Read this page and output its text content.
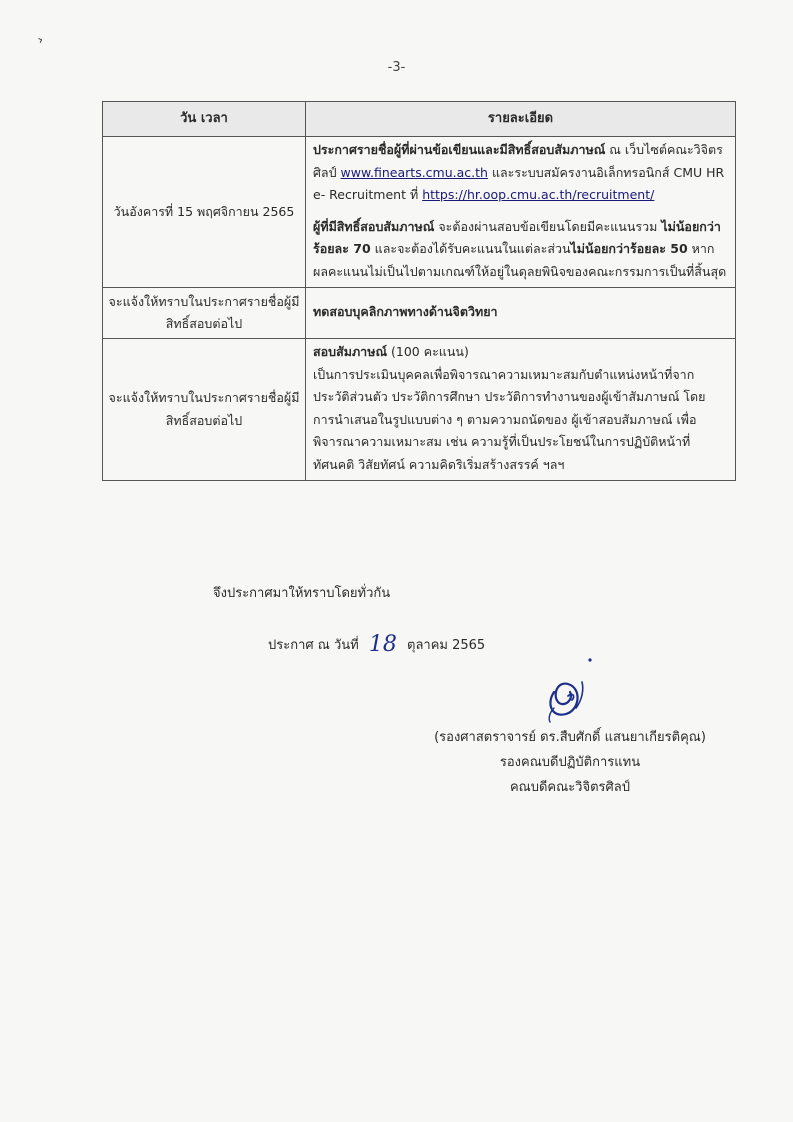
›
-3-
วัน เวลา	รายละเอียด
วันอังคารที่ 15 พฤศจิกายน 2565	ประกาศรายชื่อผู้ที่ผ่านข้อเขียนและมีสิทธิ์สอบสัมภาษณ์ ณ เว็บไซต์คณะวิจิตรศิลป์ www.finearts.cmu.ac.th และระบบสมัครงานอิเล็กทรอนิกส์ CMU HR e- Recruitment ที่ https://hr.oop.cmu.ac.th/recruitment/

ผู้ที่มีสิทธิ์สอบสัมภาษณ์ จะต้องผ่านสอบข้อเขียนโดยมีคะแนนรวม ไม่น้อยกว่า ร้อยละ 70 และจะต้องได้รับคะแนนในแต่ละส่วนไม่น้อยกว่าร้อยละ 50 หากผลคะแนนไม่เป็นไปตามเกณฑ์ให้อยู่ในดุลยพินิจของคณะกรรมการเป็นที่สิ้นสุด

จะแจ้งให้ทราบในประกาศรายชื่อผู้มีสิทธิ์สอบต่อไป	ทดสอบบุคลิกภาพทางด้านจิตวิทยา
จะแจ้งให้ทราบในประกาศรายชื่อผู้มีสิทธิ์สอบต่อไป	สอบสัมภาษณ์ (100 คะแนน)

เป็นการประเมินบุคคลเพื่อพิจารณาความเหมาะสมกับตำแหน่งหน้าที่จากประวัติส่วนตัว ประวัติการศึกษา ประวัติการทำงานของผู้เข้าสัมภาษณ์ โดยการนำเสนอในรูปแบบต่าง ๆ ตามความถนัดของ ผู้เข้าสอบสัมภาษณ์ เพื่อพิจารณาความเหมาะสม เช่น ความรู้ที่เป็นประโยชน์ในการปฏิบัติหน้าที่ ทัศนคติ วิสัยทัศน์ ความคิดริเริ่มสร้างสรรค์ ฯลฯ

จึงประกาศมาให้ทราบโดยทั่วกัน
ประกาศ ณ วันที่ 18 ตุลาคม 2565
(รองศาสตราจารย์ ดร.สืบศักดิ์ แสนยาเกียรติคุณ)
รองคณบดีปฏิบัติการแทน
คณบดีคณะวิจิตรศิลป์
